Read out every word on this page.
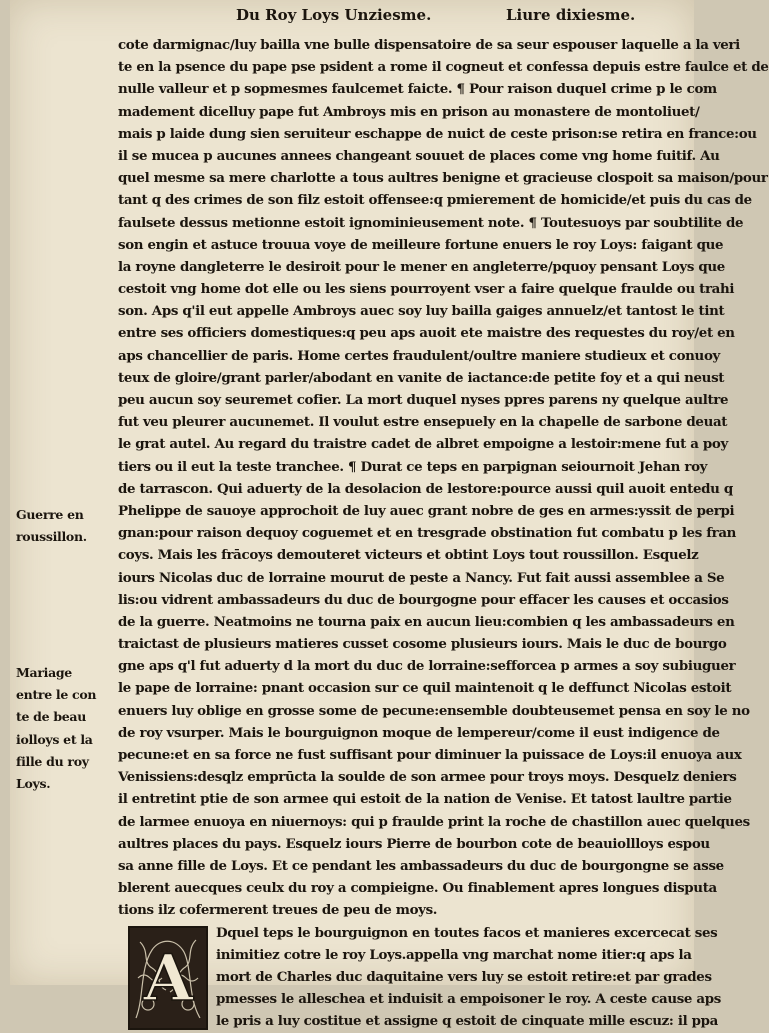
Du Roy Loys Unziesme.	Liure dixiesme.
Guerre en
roussillon.
Mariage
entre le con
te de beau
iolloys et la
fille du roy
Loys.
cote darmignac/luy bailla vne bulle dispensatoire de sa seur espouser laquelle a la veri
te en la psence du pape pse psident a rome il cogneut et confessa depuis estre faulce et de
nulle valleur et p sopmesmes faulcemet faicte. ¶ Pour raison duquel crime p le com
madement dicelluy pape fut Ambroys mis en prison au monastere de montoliuet/
mais p laide dung sien seruiteur eschappe de nuict de ceste prison:se retira en france:ou
il se mucea p aucunes annees changeant souuet de places come vng home fuitif. Au
quel mesme sa mere charlotte a tous aultres benigne et gracieuse clospoit sa maison/pour
tant q des crimes de son filz estoit offensee:q pmierement de homicide/et puis du cas de
faulsete dessus metionne estoit ignominieusement note. ¶ Toutesuoys par soubtilite de
son engin et astuce trouua voye de meilleure fortune enuers le roy Loys: faigant que
la royne dangleterre le desiroit pour le mener en angleterre/pquoy pensant Loys que
cestoit vng home dot elle ou les siens pourroyent vser a faire quelque fraulde ou trahi
son. Aps q'il eut appelle Ambroys auec soy luy bailla gaiges annuelz/et tantost le tint
entre ses officiers domestiques:q peu aps auoit ete maistre des requestes du roy/et en
aps chancellier de paris. Home certes fraudulent/oultre maniere studieux et conuoy
teux de gloire/grant parler/abodant en vanite de iactance:de petite foy et a qui neust
peu aucun soy seuremet cofier. La mort duquel nyses ppres parens ny quelque aultre
fut veu pleurer aucunemet. Il voulut estre ensepuely en la chapelle de sarbone deuat
le grat autel. Au regard du traistre cadet de albret empoigne a lestoir:mene fut a poy
tiers ou il eut la teste tranchee. ¶ Durat ce teps en parpignan seiournoit Jehan roy
de tarrascon. Qui aduerty de la desolacion de lestore:pource aussi quil auoit entedu q
Phelippe de sauoye approchoit de luy auec grant nobre de ges en armes:yssit de perpi
gnan:pour raison dequoy coguemet et en tresgrade obstination fut combatu p les fran
coys. Mais les frācoys demouteret victeurs et obtint Loys tout roussillon. Esquelz
iours Nicolas duc de lorraine mourut de peste a Nancy. Fut fait aussi assemblee a Se
lis:ou vidrent ambassadeurs du duc de bourgogne pour effacer les causes et occasios
de la guerre. Neatmoins ne tourna paix en aucun lieu:combien q les ambassadeurs en
traictast de plusieurs matieres cusset cosome plusieurs iours. Mais le duc de bourgo
gne aps q'l fut aduerty d la mort du duc de lorraine:sefforcea p armes a soy subiuguer
le pape de lorraine: pnant occasion sur ce quil maintenoit q le deffunct Nicolas estoit
enuers luy oblige en grosse some de pecune:ensemble doubteusemet pensa en soy le no
de roy vsurper. Mais le bourguignon moque de lempereur/come il eust indigence de
pecune:et en sa force ne fust suffisant pour diminuer la puissace de Loys:il enuoya aux
Venissiens:desqlz emprūcta la soulde de son armee pour troys moys. Desquelz deniers
il entretint ptie de son armee qui estoit de la nation de Venise. Et tatost laultre partie
de larmee enuoya en niuernoys: qui p fraulde print la roche de chastillon auec quelques
aultres places du pays. Esquelz iours Pierre de bourbon cote de beauiollloys espou
sa anne fille de Loys. Et ce pendant les ambassadeurs du duc de bourgongne se asse
blerent auecques ceulx du roy a compieigne. Ou finablement apres longues disputa
tions ilz cofermerent treues de peu de moys.
A
Dquel teps le bourguignon en toutes facos et manieres excercecat ses
inimitiez cotre le roy Loys.appella vng marchat nome itier:q aps la
mort de Charles duc daquitaine vers luy se estoit retire:et par grades
pmesses le alleschea et induisit a empoisoner le roy. A ceste cause aps
le pris a luy costitue et assigne q estoit de cinquate mille escuz: il ppa
